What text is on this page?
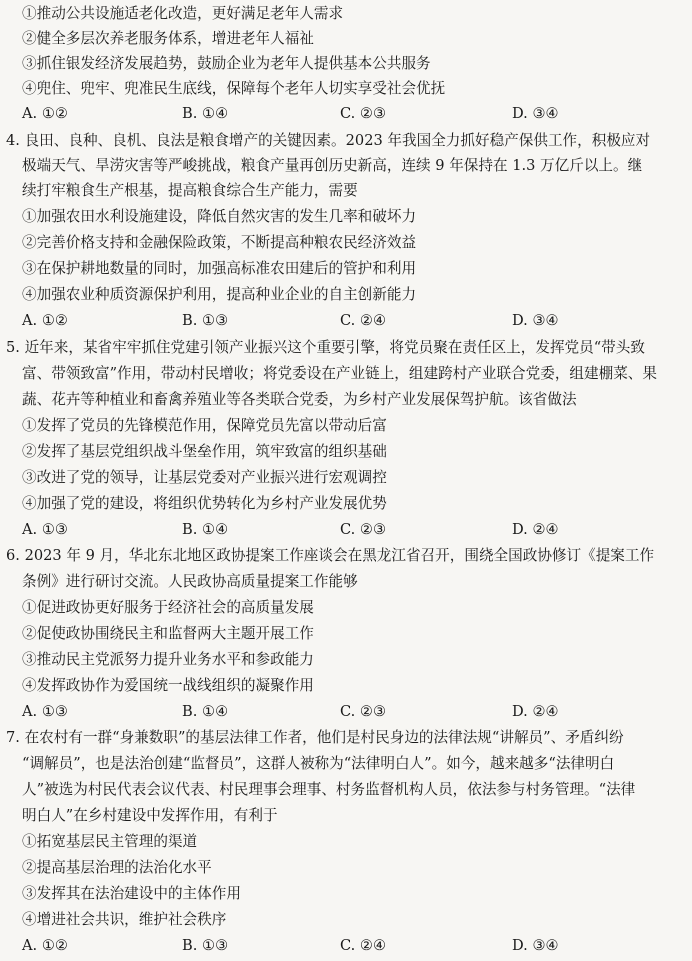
①推动公共设施适老化改造，更好满足老年人需求
②健全多层次养老服务体系，增进老年人福祉
③抓住银发经济发展趋势，鼓励企业为老年人提供基本公共服务
④兜住、兜牢、兜准民生底线，保障每个老年人切实享受社会优抚
A. ①②	B. ①④	C. ②③	D. ③④
4. 良田、良种、良机、良法是粮食增产的关键因素。2023 年我国全力抓好稳产保供工作，积极应对
极端天气、旱涝灾害等严峻挑战，粮食产量再创历史新高，连续 9 年保持在 1.3 万亿斤以上。继
续打牢粮食生产根基，提高粮食综合生产能力，需要
①加强农田水利设施建设，降低自然灾害的发生几率和破坏力
②完善价格支持和金融保险政策，不断提高种粮农民经济效益
③在保护耕地数量的同时，加强高标准农田建后的管护和利用
④加强农业种质资源保护利用，提高种业企业的自主创新能力
A. ①②	B. ①③	C. ②④	D. ③④
5. 近年来，某省牢牢抓住党建引领产业振兴这个重要引擎，将党员聚在责任区上，发挥党员“带头致
富、带领致富”作用，带动村民增收；将党委设在产业链上，组建跨村产业联合党委，组建棚菜、果
蔬、花卉等种植业和畜禽养殖业等各类联合党委，为乡村产业发展保驾护航。该省做法
①发挥了党员的先锋模范作用，保障党员先富以带动后富
②发挥了基层党组织战斗堡垒作用，筑牢致富的组织基础
③改进了党的领导，让基层党委对产业振兴进行宏观调控
④加强了党的建设，将组织优势转化为乡村产业发展优势
A. ①③	B. ①④	C. ②③	D. ②④
6. 2023 年 9 月，华北东北地区政协提案工作座谈会在黑龙江省召开，围绕全国政协修订《提案工作
条例》进行研讨交流。人民政协高质量提案工作能够
①促进政协更好服务于经济社会的高质量发展
②促使政协围绕民主和监督两大主题开展工作
③推动民主党派努力提升业务水平和参政能力
④发挥政协作为爱国统一战线组织的凝聚作用
A. ①③	B. ①④	C. ②③	D. ②④
7. 在农村有一群“身兼数职”的基层法律工作者，他们是村民身边的法律法规“讲解员”、矛盾纠纷
“调解员”，也是法治创建“监督员”，这群人被称为“法律明白人”。如今，越来越多“法律明白
人”被选为村民代表会议代表、村民理事会理事、村务监督机构人员，依法参与村务管理。“法律
明白人”在乡村建设中发挥作用，有利于
①拓宽基层民主管理的渠道
②提高基层治理的法治化水平
③发挥其在法治建设中的主体作用
④增进社会共识，维护社会秩序
A. ①②	B. ①③	C. ②④	D. ③④
